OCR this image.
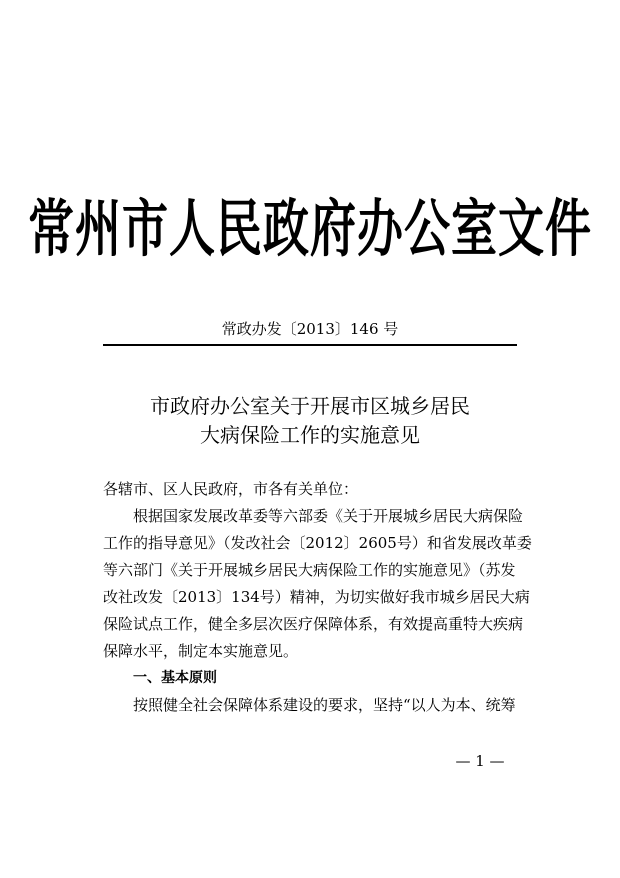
常州市人民政府办公室文件
常政办发〔2013〕146 号
市政府办公室关于开展市区城乡居民
大病保险工作的实施意见
各辖市、区人民政府，市各有关单位：
根据国家发展改革委等六部委《关于开展城乡居民大病保险
工作的指导意见》（发改社会〔2012〕2605号）和省发展改革委
等六部门《关于开展城乡居民大病保险工作的实施意见》（苏发
改社改发〔2013〕134号）精神，为切实做好我市城乡居民大病
保险试点工作，健全多层次医疗保障体系，有效提高重特大疾病
保障水平，制定本实施意见。
一、基本原则
按照健全社会保障体系建设的要求，坚持“以人为本、统筹
— 1 —
